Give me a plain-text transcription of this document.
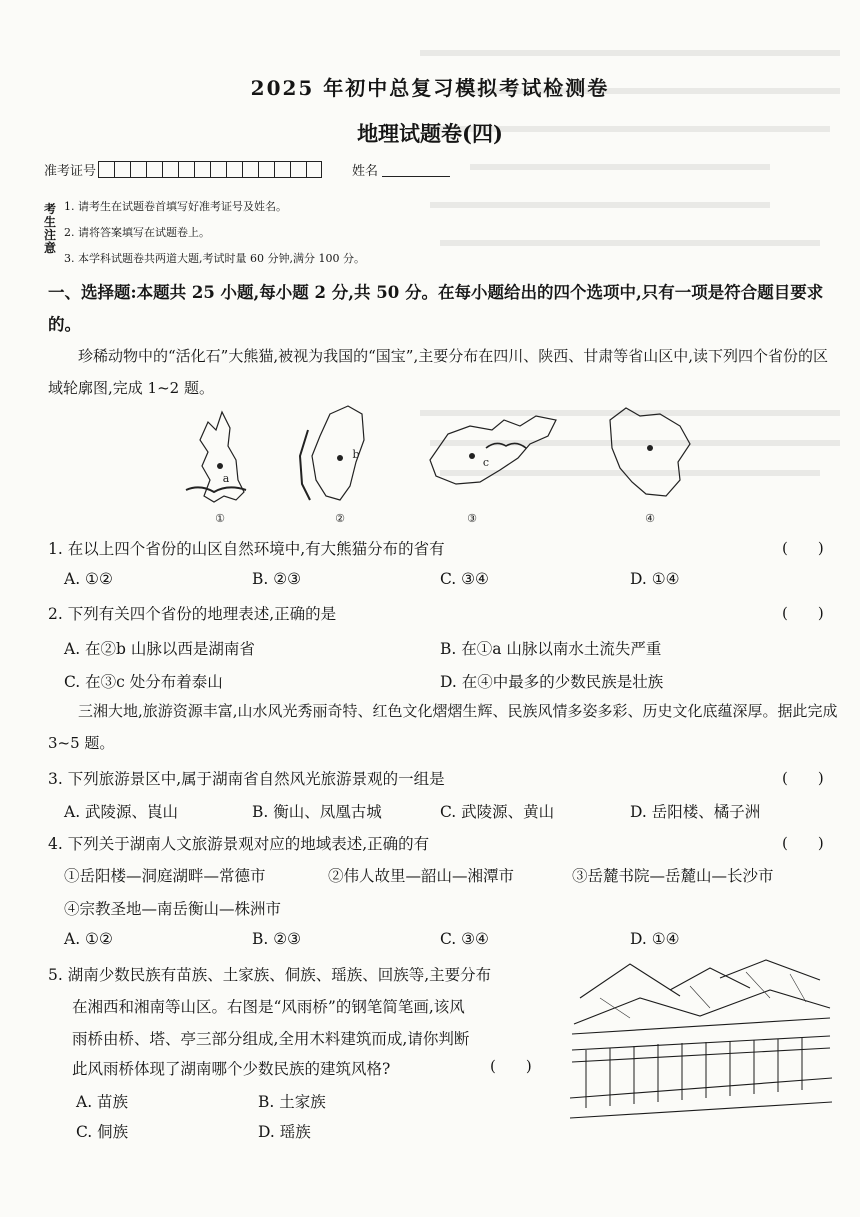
2025 年初中总复习模拟考试检测卷
地理试题卷(四)
准考证号	姓名
考生注意
1. 请考生在试题卷首填写好准考证号及姓名。
2. 请将答案填写在试题卷上。
3. 本学科试题卷共两道大题,考试时量 60 分钟,满分 100 分。
一、选择题:本题共 25 小题,每小题 2 分,共 50 分。在每小题给出的四个选项中,只有一项是符合题目要求的。
珍稀动物中的“活化石”大熊猫,被视为我国的“国宝”,主要分布在四川、陕西、甘肃等省山区中,读下列四个省份的区域轮廓图,完成 1~2 题。
a
b
c
①	②	③	④
1. 在以上四个省份的山区自然环境中,有大熊猫分布的省有	(　　)
A. ①②	B. ②③	C. ③④	D. ①④
2. 下列有关四个省份的地理表述,正确的是	(　　)
A. 在②b 山脉以西是湖南省	B. 在①a 山脉以南水土流失严重
C. 在③c 处分布着泰山	D. 在④中最多的少数民族是壮族
三湘大地,旅游资源丰富,山水风光秀丽奇特、红色文化熠熠生辉、民族风情多姿多彩、历史文化底蕴深厚。据此完成 3~5 题。
3. 下列旅游景区中,属于湖南省自然风光旅游景观的一组是	(　　)
A. 武陵源、崀山	B. 衡山、凤凰古城	C. 武陵源、黄山	D. 岳阳楼、橘子洲
4. 下列关于湖南人文旅游景观对应的地域表述,正确的有	(　　)
①岳阳楼—洞庭湖畔—常德市	②伟人故里—韶山—湘潭市	③岳麓书院—岳麓山—长沙市
④宗教圣地—南岳衡山—株洲市
A. ①②	B. ②③	C. ③④	D. ①④
5. 湖南少数民族有苗族、土家族、侗族、瑶族、回族等,主要分布
在湘西和湘南等山区。右图是“风雨桥”的钢笔简笔画,该风
雨桥由桥、塔、亭三部分组成,全用木料建筑而成,请你判断
此风雨桥体现了湖南哪个少数民族的建筑风格?	(　　)
A. 苗族	B. 土家族
C. 侗族	D. 瑶族
